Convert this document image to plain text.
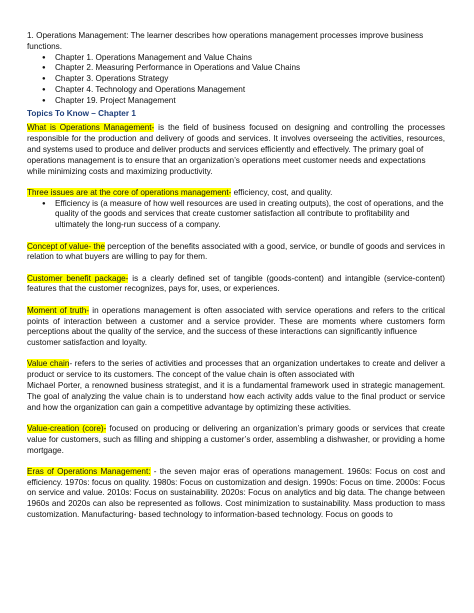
1. Operations Management: The learner describes how operations management processes improve business functions.

● Chapter 1. Operations Management and Value Chains
● Chapter 2. Measuring Performance in Operations and Value Chains
● Chapter 3. Operations Strategy
● Chapter 4. Technology and Operations Management
● Chapter 19. Project Management

Topics To Know – Chapter 1

What is Operations Management- is the field of business focused on designing and controlling the processes responsible for the production and delivery of goods and services. It involves overseeing the activities, resources, and systems used to produce and deliver products and services efficiently and effectively. The primary goal of

operations management is to ensure that an organization’s operations meet customer needs and expectations while minimizing costs and maximizing productivity.

Three issues are at the core of operations management- efficiency, cost, and quality.

● Efficiency is (a measure of how well resources are used in creating outputs), the cost of operations, and the quality of the goods and services that create customer satisfaction all contribute to profitability and ultimately the long-run success of a company.

Concept of value- the perception of the benefits associated with a good, service, or bundle of goods and services in relation to what buyers are willing to pay for them.

Customer benefit package- is a clearly defined set of tangible (goods-content) and intangible (service-content) features that the customer recognizes, pays for, uses, or experiences.

Moment of truth- in operations management is often associated with service operations and refers to the critical points of interaction between a customer and a service provider. These are moments where customers form perceptions about the quality of the service, and the success of these interactions can significantly influence

customer satisfaction and loyalty.

Value chain- refers to the series of activities and processes that an organization undertakes to create and deliver a product or service to its customers. The concept of the value chain is often associated with

Michael Porter, a renowned business strategist, and it is a fundamental framework used in strategic management. The goal of analyzing the value chain is to understand how each activity adds value to the final product or service and how the organization can gain a competitive advantage by optimizing these activities.

Value-creation (core)- focused on producing or delivering an organization’s primary goods or services that create value for customers, such as filling and shipping a customer’s order, assembling a dishwasher, or providing a home mortgage.

Eras of Operations Management: - the seven major eras of operations management. 1960s: Focus on cost and efficiency. 1970s: focus on quality. 1980s: Focus on customization and design. 1990s: Focus on time. 2000s: Focus on service and value. 2010s: Focus on sustainability. 2020s: Focus on analytics and big data. The change between 1960s and 2020s can also be represented as follows. Cost minimization to sustainability. Mass production to mass customization. Manufacturing- based technology to information-based technology. Focus on goods to
